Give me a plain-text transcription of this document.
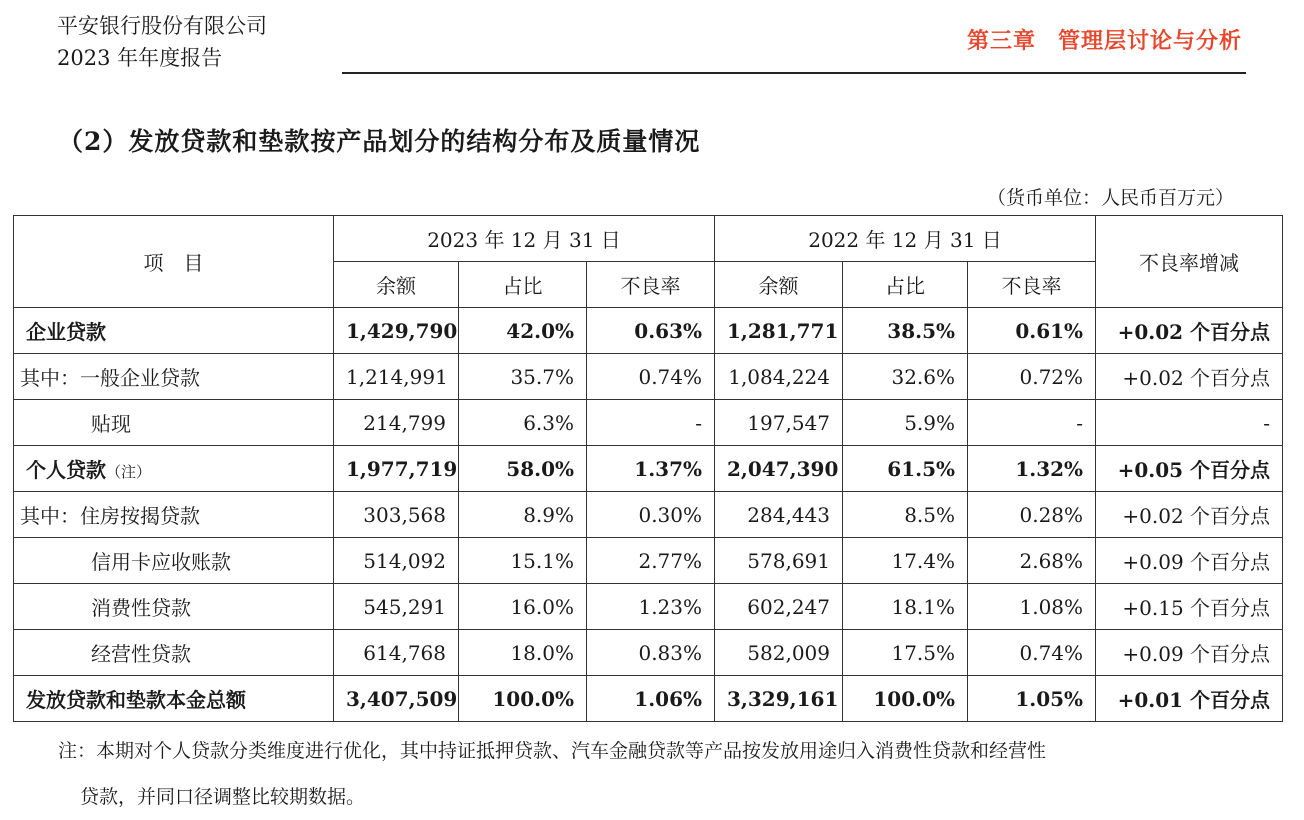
平安银行股份有限公司
2023 年年度报告
第三章 管理层讨论与分析
（2）发放贷款和垫款按产品划分的结构分布及质量情况
（货币单位：人民币百万元）
项　目	2023 年 12 月 31 日			2022 年 12 月 31 日			不良率增减
	余额	占比	不良率	余额	占比	不良率	
企业贷款	1,429,790	42.0%	0.63%	1,281,771	38.5%	0.61%	+0.02 个百分点
其中：一般企业贷款	1,214,991	35.7%	0.74%	1,084,224	32.6%	0.72%	+0.02 个百分点
贴现	214,799	6.3%	-	197,547	5.9%	-	-
个人贷款（注）	1,977,719	58.0%	1.37%	2,047,390	61.5%	1.32%	+0.05 个百分点
其中：住房按揭贷款	303,568	8.9%	0.30%	284,443	8.5%	0.28%	+0.02 个百分点
信用卡应收账款	514,092	15.1%	2.77%	578,691	17.4%	2.68%	+0.09 个百分点
消费性贷款	545,291	16.0%	1.23%	602,247	18.1%	1.08%	+0.15 个百分点
经营性贷款	614,768	18.0%	0.83%	582,009	17.5%	0.74%	+0.09 个百分点
发放贷款和垫款本金总额	3,407,509	100.0%	1.06%	3,329,161	100.0%	1.05%	+0.01 个百分点
注：本期对个人贷款分类维度进行优化，其中持证抵押贷款、汽车金融贷款等产品按发放用途归入消费性贷款和经营性
贷款，并同口径调整比较期数据。
